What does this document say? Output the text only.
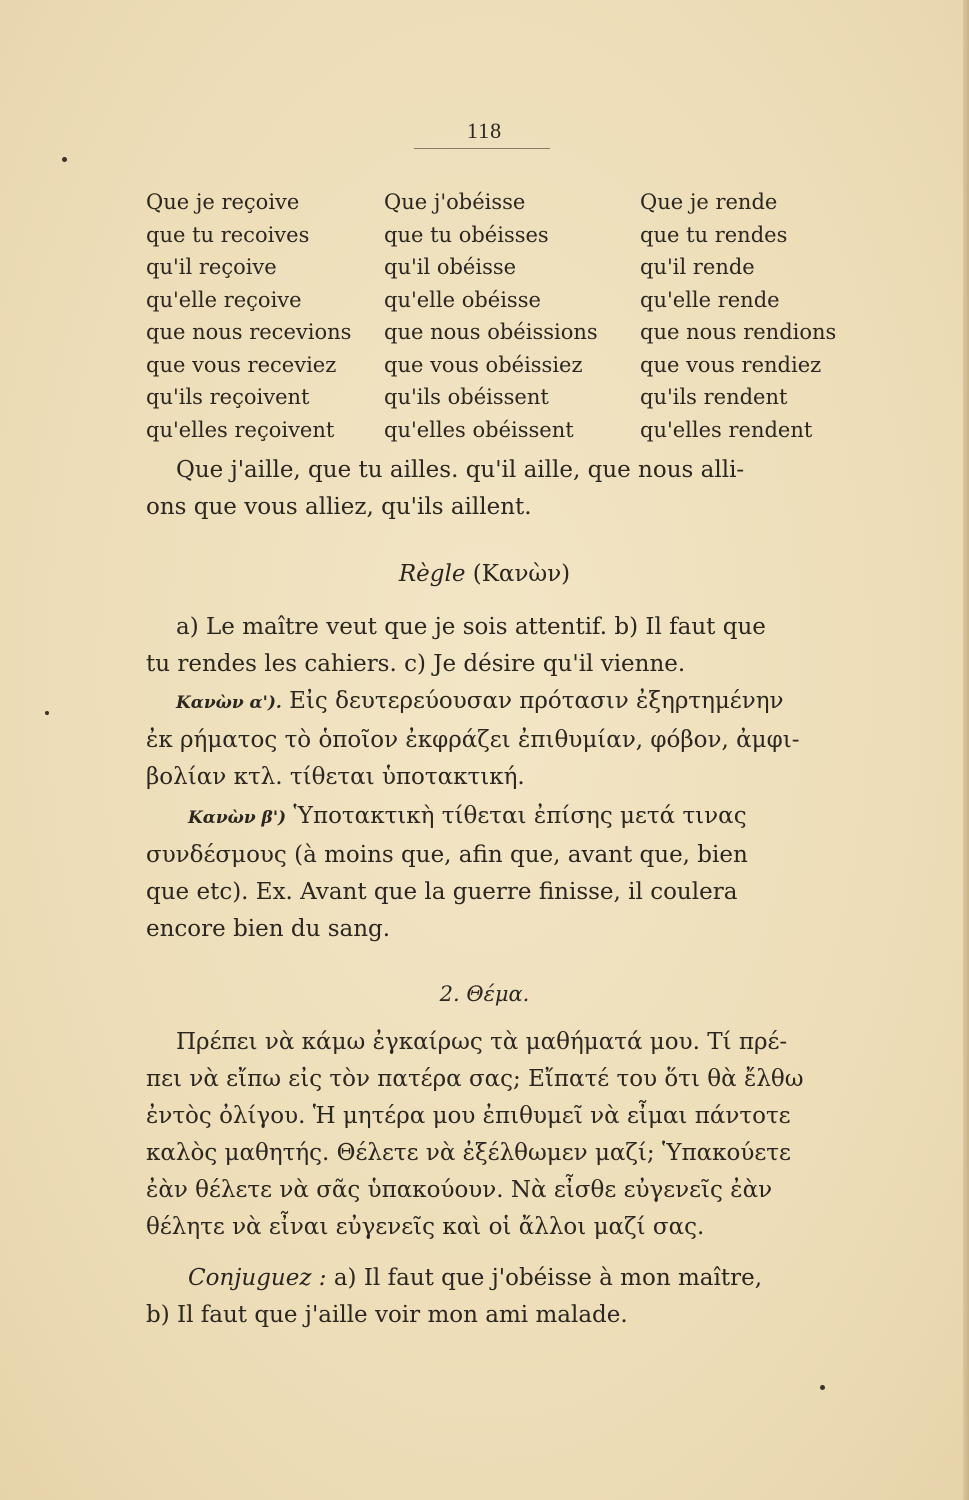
118
Que je reçoive	Que j'obéisse	Que je rende
que tu recoives	que tu obéisses	que tu rendes
qu'il reçoive	qu'il obéisse	qu'il rende
qu'elle reçoive	qu'elle obéisse	qu'elle rende
que nous recevions	que nous obéissions	que nous rendions
que vous receviez	que vous obéissiez	que vous rendiez
qu'ils reçoivent	qu'ils obéissent	qu'ils rendent
qu'elles reçoivent	qu'elles obéissent	qu'elles rendent

Que j'aille, que tu ailles. qu'il aille, que nous alli-

ons que vous alliez, qu'ils aillent.

Règle (Κανὼν)

a) Le maître veut que je sois attentif. b) Il faut que

tu rendes les cahiers. c) Je désire qu'il vienne.

Κανὼν α'). Εἰς δευτερεύουσαν πρότασιν ἐξηρτημένην

ἐκ ρήματος τὸ ὁποῖον ἐκφράζει ἐπιθυμίαν, φόβον, ἀμφι-

βολίαν κτλ. τίθεται ὑποτακτική.

Κανὼν β') Ὑποτακτικὴ τίθεται ἐπίσης μετά τινας

συνδέσμους (à moins que, afin que, avant que, bien

que etc). Ex. Avant que la guerre finisse, il coulera

encore bien du sang.

2. Θέμα.

Πρέπει νὰ κάμω ἐγκαίρως τὰ μαθήματά μου. Τί πρέ-

πει νὰ εἴπω εἰς τὸν πατέρα σας; Εἴπατέ του ὅτι θὰ ἔλθω

ἐντὸς ὀλίγου. Ἡ μητέρα μου ἐπιθυμεῖ νὰ εἶμαι πάντοτε

καλὸς μαθητής. Θέλετε νὰ ἐξέλθωμεν μαζί; Ὑπακούετε

ἐὰν θέλετε νὰ σᾶς ὑπακούουν. Νὰ εἶσθε εὐγενεῖς ἐὰν

θέλητε νὰ εἶναι εὐγενεῖς καὶ οἱ ἄλλοι μαζί σας.

Conjuguez : a) Il faut que j'obéisse à mon maître,

b) Il faut que j'aille voir mon ami malade.
